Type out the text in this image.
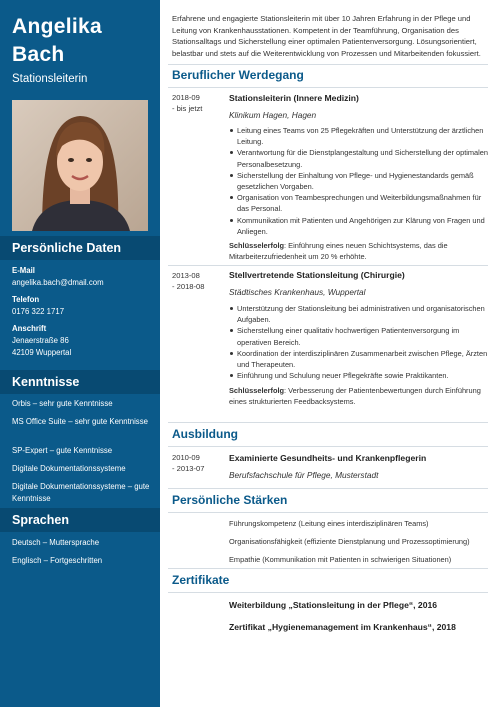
Angelika
Bach
Stationsleiterin
Persönliche Daten
E-Mail
angelika.bach@dmail.com
Telefon
0176 322 1717
Anschrift
Jenaerstraße 86
42109 Wuppertal
Kenntnisse
Orbis – sehr gute Kenntnisse
MS Office Suite – sehr gute Kenntnisse
SP-Expert – gute Kenntnisse
Digitale Dokumentationssysteme
Digitale Dokumentationssysteme – gute Kenntnisse
Sprachen
Deutsch – Muttersprache
Englisch – Fortgeschritten
Erfahrene und engagierte Stationsleiterin mit über 10 Jahren Erfahrung in der Pflege und Leitung von Krankenhausstationen. Kompetent in der Teamführung, Organisation des Stationsalltags und Sicherstellung einer optimalen Patientenversorgung. Lösungsorientiert, belastbar und stets auf die Weiterentwicklung von Prozessen und Mitarbeitenden fokussiert.
Beruflicher Werdegang
2018-09
- bis jetzt
Stationsleiterin (Innere Medizin)
Klinikum Hagen, Hagen
Leitung eines Teams von 25 Pflegekräften und Unterstützung der ärztlichen Leitung.
Verantwortung für die Dienstplangestaltung und Sicherstellung der optimalen Personalbesetzung.
Sicherstellung der Einhaltung von Pflege- und Hygienestandards gemäß gesetzlichen Vorgaben.
Organisation von Teambesprechungen und Weiterbildungsmaßnahmen für das Personal.
Kommunikation mit Patienten und Angehörigen zur Klärung von Fragen und Anliegen.
Schlüsselerfolg: Einführung eines neuen Schichtsystems, das die Mitarbeiterzufriedenheit um 20 % erhöhte.
2013-08
- 2018-08
Stellvertretende Stationsleitung (Chirurgie)
Städtisches Krankenhaus, Wuppertal
Unterstützung der Stationsleitung bei administrativen und organisatorischen Aufgaben.
Sicherstellung einer qualitativ hochwertigen Patientenversorgung im operativen Bereich.
Koordination der interdisziplinären Zusammenarbeit zwischen Pflege, Ärzten und Therapeuten.
Einführung und Schulung neuer Pflegekräfte sowie Praktikanten.
Schlüsselerfolg: Verbesserung der Patientenbewertungen durch Einführung eines strukturierten Feedbacksystems.
Ausbildung
2010-09
- 2013-07
Examinierte Gesundheits- und Krankenpflegerin
Berufsfachschule für Pflege, Musterstadt
Persönliche Stärken
Führungskompetenz (Leitung eines interdisziplinären Teams)
Organisationsfähigkeit (effiziente Dienstplanung und Prozessoptimierung)
Empathie (Kommunikation mit Patienten in schwierigen Situationen)
Zertifikate
Weiterbildung „Stationsleitung in der Pflege“, 2016
Zertifikat „Hygienemanagement im Krankenhaus“, 2018
